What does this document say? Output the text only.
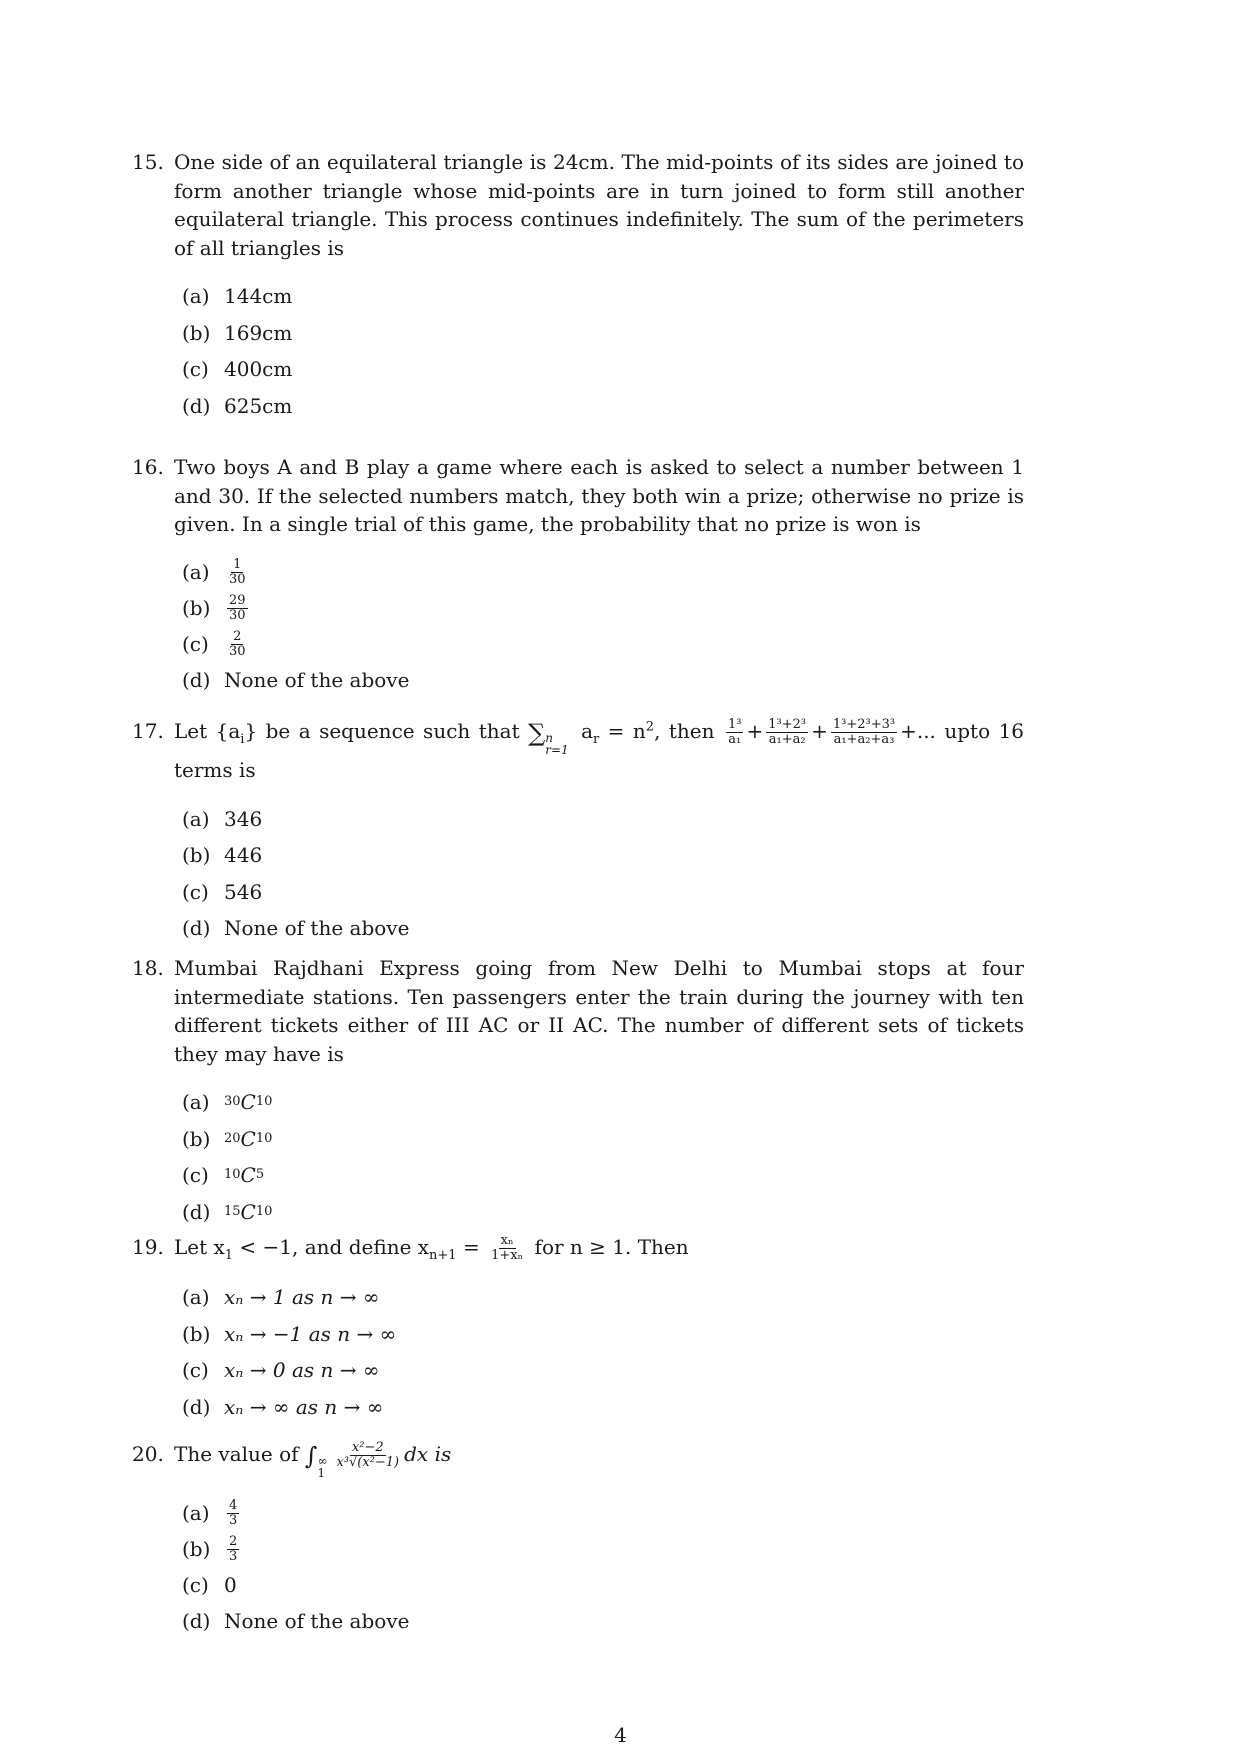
15. One side of an equilateral triangle is 24cm. The mid-points of its sides are joined to form another triangle whose mid-points are in turn joined to form still another equilateral triangle. This process continues indefinitely. The sum of the perimeters of all triangles is
(a) 144cm
(b) 169cm
(c) 400cm
(d) 625cm
16. Two boys A and B play a game where each is asked to select a number between 1 and 30. If the selected numbers match, they both win a prize; otherwise no prize is given. In a single trial of this game, the probability that no prize is won is
(a)	$\frac{1}{30}$
(b)	$\frac{29}{30}$
(c)	$\frac{2}{30}$
(d) None of the above
17. Let $\{a_i\}$ be a sequence such that ∑ n
r=1
$a_r = n^2$, then $\frac{\text{1³}}{\text{a₁}} + \frac{\text{1³+2³}}{\text{a₁+a₂}} + \frac{\text{1³+2³+3³}}{\text{a₁+a₂+a₃}}$ +... upto 16 terms is
(a) 346
(b) 446
(c) 546
(d) None of the above
18. Mumbai Rajdhani Express going from New Delhi to Mumbai stops at four intermediate stations. Ten passengers enter the train during the journey with ten different tickets either of III AC or II AC. The number of different sets of tickets they may have is
(a)	30 C 10
(b)	20 C 10
(c)	10 C 5
(d)	15 C 10
19. Let $x_1 < -1$, and define $x_{n+1} = \frac{\text{xₙ}}{\text{1+xₙ}}$ for n ≥ 1. Then
(a) xₙ → 1 as n → ∞
(b) xₙ → −1 as n → ∞
(c) xₙ → 0 as n → ∞
(d) xₙ → ∞ as n → ∞
20. The value of ∫ ∞
1
$\frac{\text{x²−2}}{\text{x³√(x²−1)}}$ dx is
(a)	$\frac{4}{3}$
(b)	$\frac{2}{3}$
(c) 0
(d) None of the above
4
